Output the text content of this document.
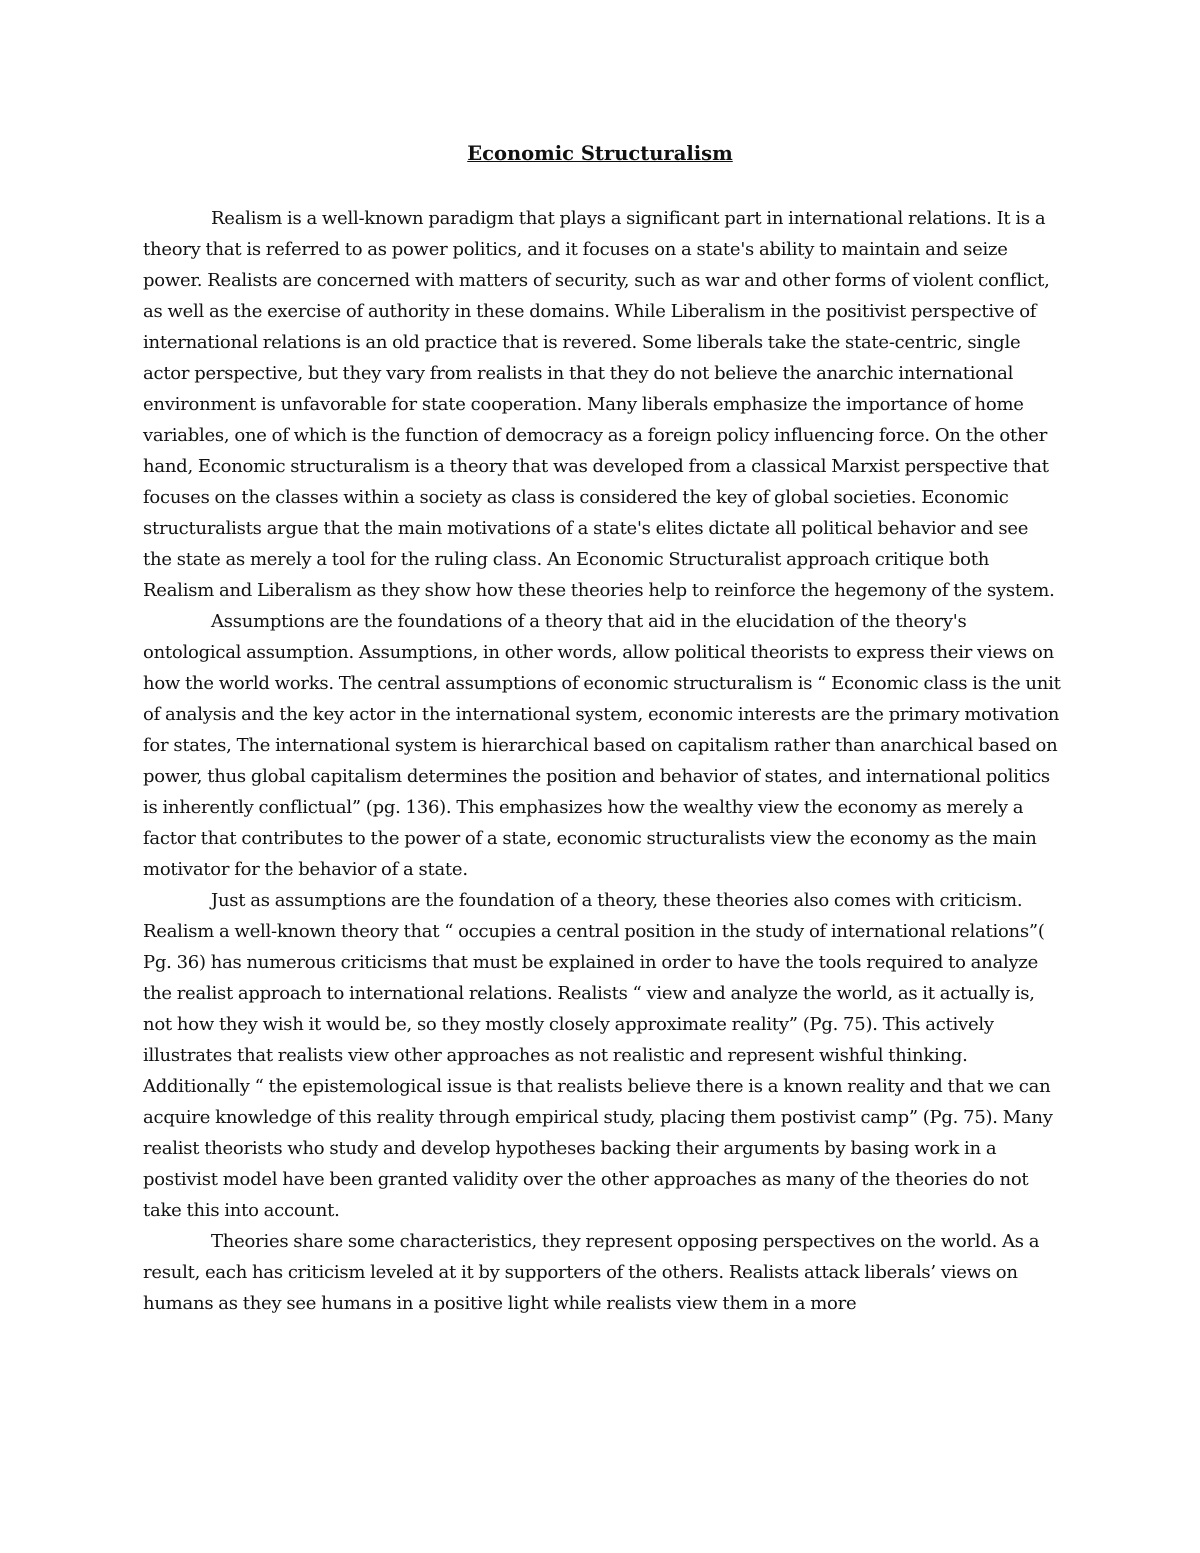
Economic Structuralism

Realism is a well-known paradigm that plays a significant part in international relations. It is a theory that is referred to as power politics, and it focuses on a state's ability to maintain and seize power. Realists are concerned with matters of security, such as war and other forms of violent conflict, as well as the exercise of authority in these domains. While Liberalism in the positivist perspective of international relations is an old practice that is revered. Some liberals take the state-centric, single actor perspective, but they vary from realists in that they do not believe the anarchic international environment is unfavorable for state cooperation. Many liberals emphasize the importance of home variables, one of which is the function of democracy as a foreign policy influencing force. On the other hand, Economic structuralism is a theory that was developed from a classical Marxist perspective that focuses on the classes within a society as class is considered the key of global societies. Economic structuralists argue that the main motivations of a state's elites dictate all political behavior and see the state as merely a tool for the ruling class. An Economic Structuralist approach critique both Realism and Liberalism as they show how these theories help to reinforce the hegemony of the system.

Assumptions are the foundations of a theory that aid in the elucidation of the theory's ontological assumption. Assumptions, in other words, allow political theorists to express their views on how the world works. The central assumptions of economic structuralism is “ Economic class is the unit of analysis and the key actor in the international system, economic interests are the primary motivation for states, The international system is hierarchical based on capitalism rather than anarchical based on power, thus global capitalism determines the position and behavior of states, and international politics is inherently conflictual” (pg. 136). This emphasizes how the wealthy view the economy as merely a factor that contributes to the power of a state, economic structuralists view the economy as the main motivator for the behavior of a state.

Just as assumptions are the foundation of a theory, these theories also comes with criticism. Realism a well-known theory that “ occupies a central position in the study of international relations”( Pg. 36) has numerous criticisms that must be explained in order to have the tools required to analyze the realist approach to international relations. Realists “ view and analyze the world, as it actually is, not how they wish it would be, so they mostly closely approximate reality” (Pg. 75). This actively illustrates that realists view other approaches as not realistic and represent wishful thinking. Additionally “ the epistemological issue is that realists believe there is a known reality and that we can acquire knowledge of this reality through empirical study, placing them postivist camp” (Pg. 75). Many realist theorists who study and develop hypotheses backing their arguments by basing work in a postivist model have been granted validity over the other approaches as many of the theories do not take this into account.

Theories share some characteristics, they represent opposing perspectives on the world. As a result, each has criticism leveled at it by supporters of the others. Realists attack liberals’ views on humans as they see humans in a positive light while realists view them in a more
